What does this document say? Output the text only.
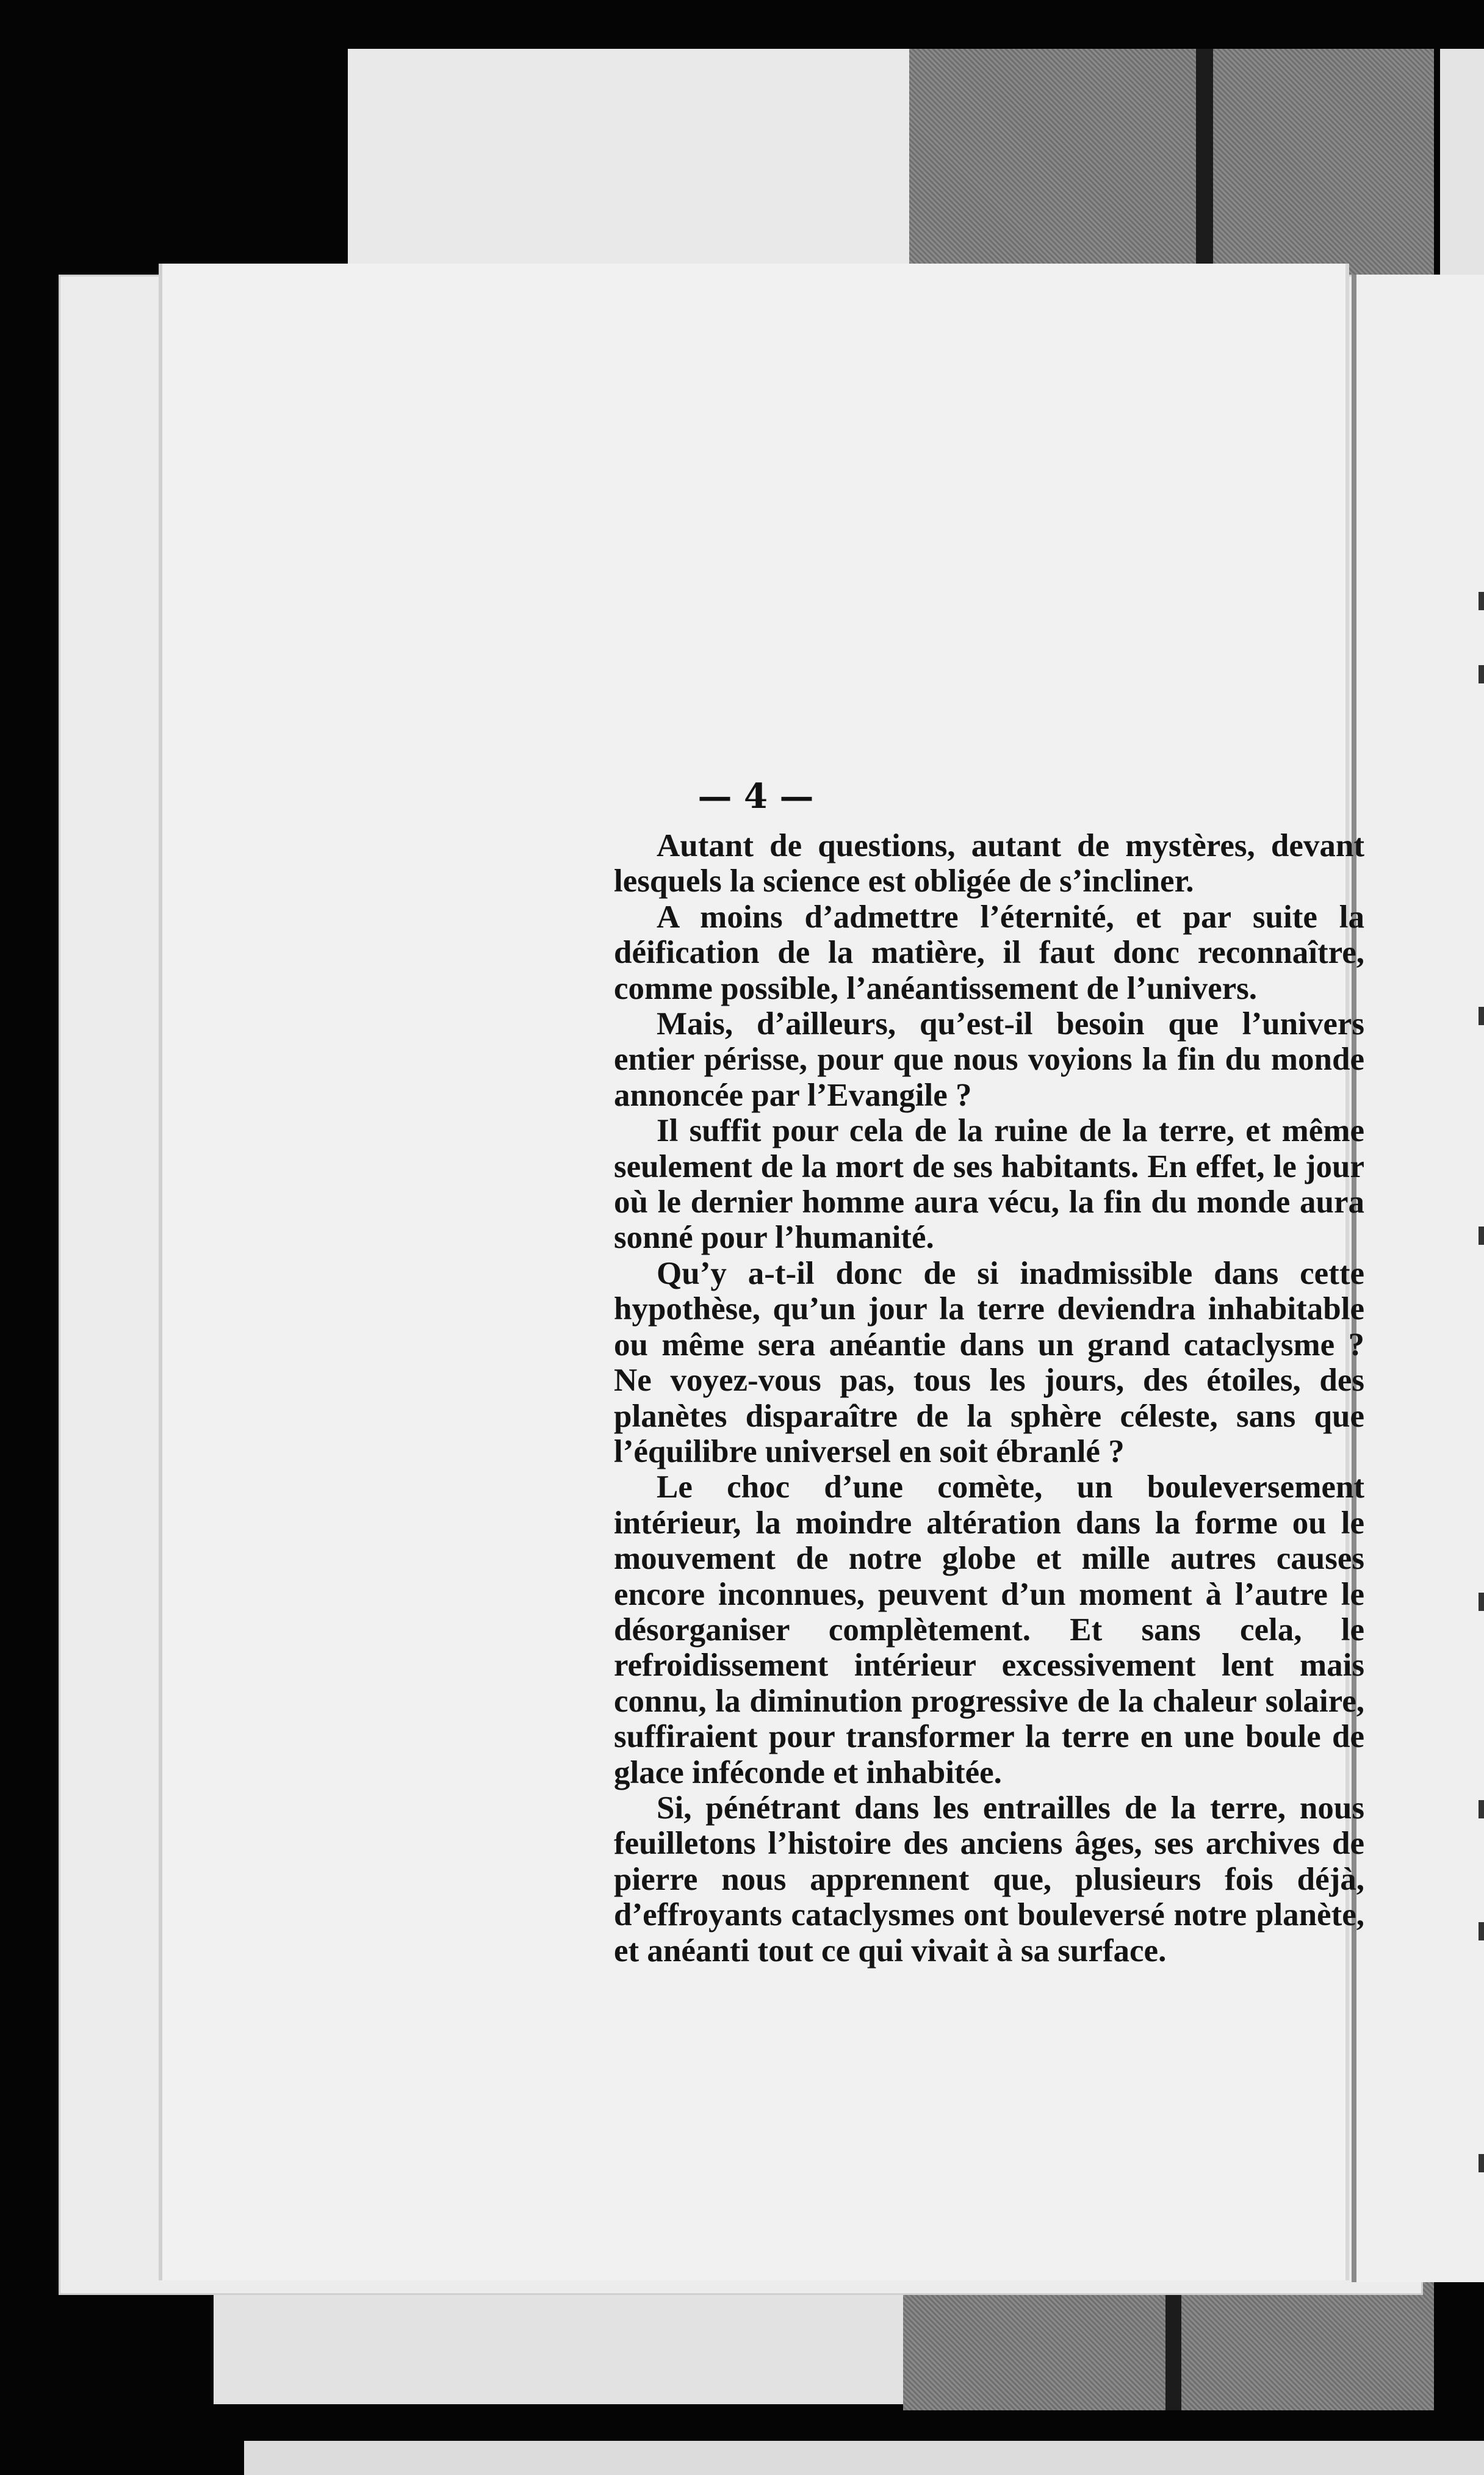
— 4 —

Autant de questions, autant de mystères, devant lesquels la science est obligée de s’incliner.

A moins d’admettre l’éternité, et par suite la déification de la matière, il faut donc reconnaître, comme possible, l’anéantissement de l’univers.

Mais, d’ailleurs, qu’est-il besoin que l’univers entier périsse, pour que nous voyions la fin du monde annoncée par l’Evangile ?

Il suffit pour cela de la ruine de la terre, et même seulement de la mort de ses habitants. En effet, le jour où le dernier homme aura vécu, la fin du monde aura sonné pour l’humanité.

Qu’y a-t-il donc de si inadmissible dans cette hypothèse, qu’un jour la terre deviendra inhabitable ou même sera anéantie dans un grand cataclysme ? Ne voyez-vous pas, tous les jours, des étoiles, des planètes disparaître de la sphère céleste, sans que l’équilibre universel en soit ébranlé ?

Le choc d’une comète, un bouleversement intérieur, la moindre altération dans la forme ou le mouvement de notre globe et mille autres causes encore inconnues, peuvent d’un moment à l’autre le désorganiser complètement. Et sans cela, le refroidissement intérieur excessivement lent mais connu, la diminution progressive de la chaleur solaire, suffiraient pour transformer la terre en une boule de glace inféconde et inhabitée.

Si, pénétrant dans les entrailles de la terre, nous feuilletons l’histoire des anciens âges, ses archives de pierre nous apprennent que, plusieurs fois déjà, d’effroyants cataclysmes ont bouleversé notre planète, et anéanti tout ce qui vivait à sa surface.
